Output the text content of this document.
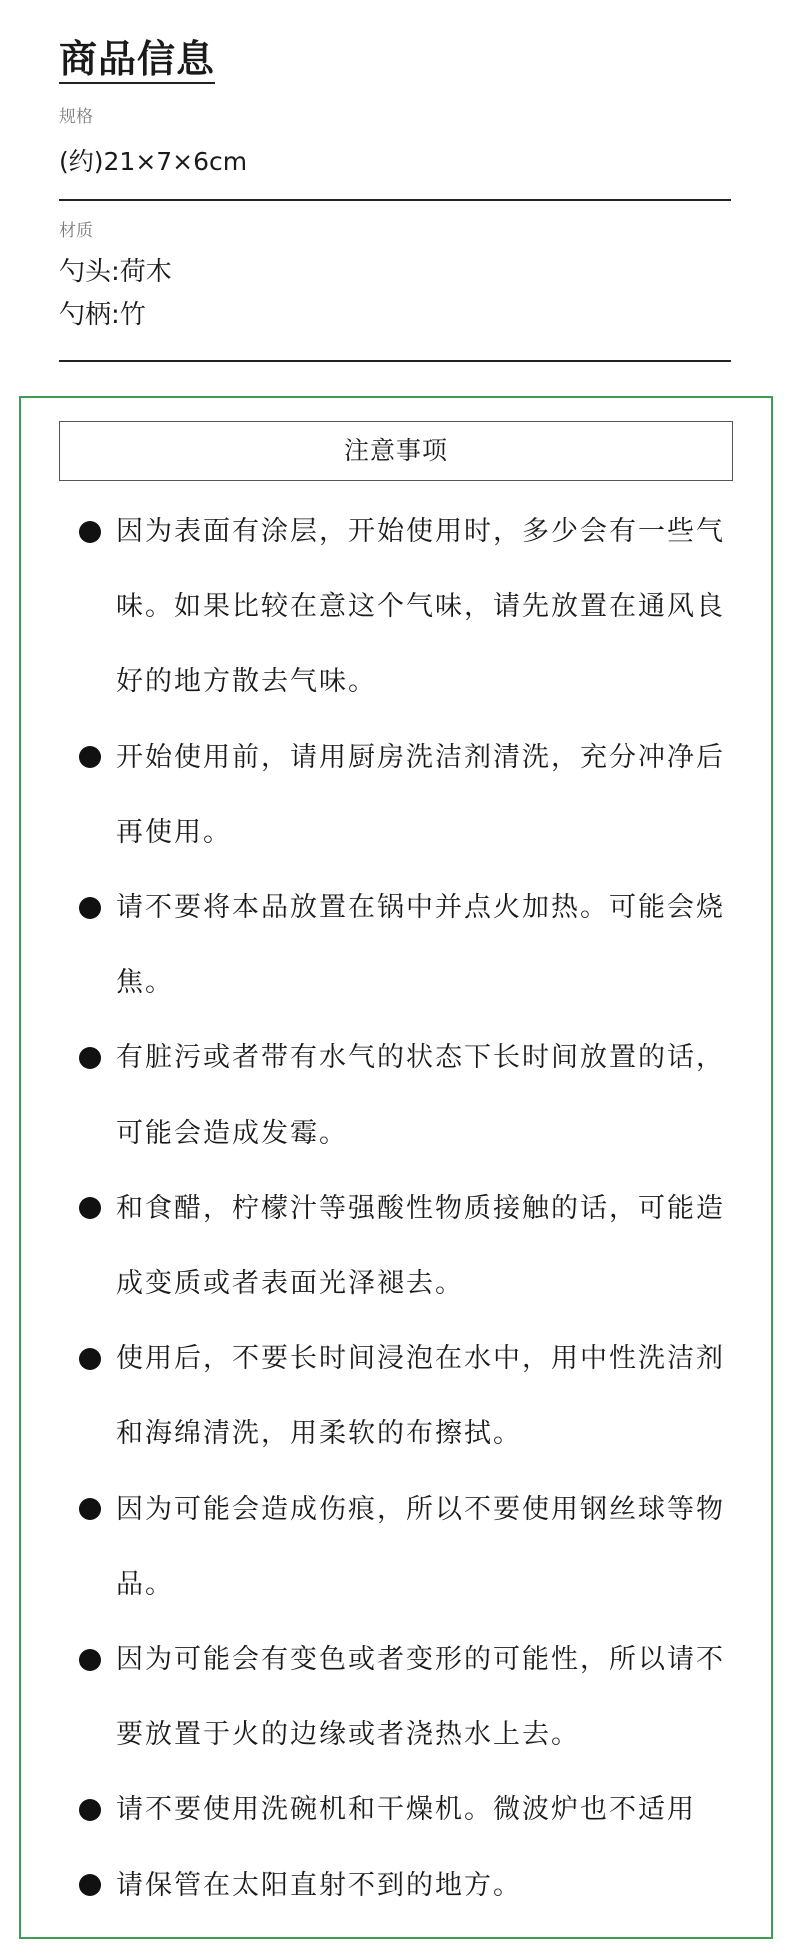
商品信息
规格
(约)21×7×6cm
材质
勺头:荷木
勺柄:竹
注意事项
因为表面有涂层，开始使用时，多少会有一些气味。如果比较在意这个气味，请先放置在通风良好的地方散去气味。
开始使用前，请用厨房洗洁剂清洗，充分冲净后再使用。
请不要将本品放置在锅中并点火加热。可能会烧焦。
有脏污或者带有水气的状态下长时间放置的话，可能会造成发霉。
和食醋，柠檬汁等强酸性物质接触的话，可能造成变质或者表面光泽褪去。
使用后，不要长时间浸泡在水中，用中性洗洁剂和海绵清洗，用柔软的布擦拭。
因为可能会造成伤痕，所以不要使用钢丝球等物品。
因为可能会有变色或者变形的可能性，所以请不要放置于火的边缘或者浇热水上去。
请不要使用洗碗机和干燥机。微波炉也不适用
请保管在太阳直射不到的地方。
